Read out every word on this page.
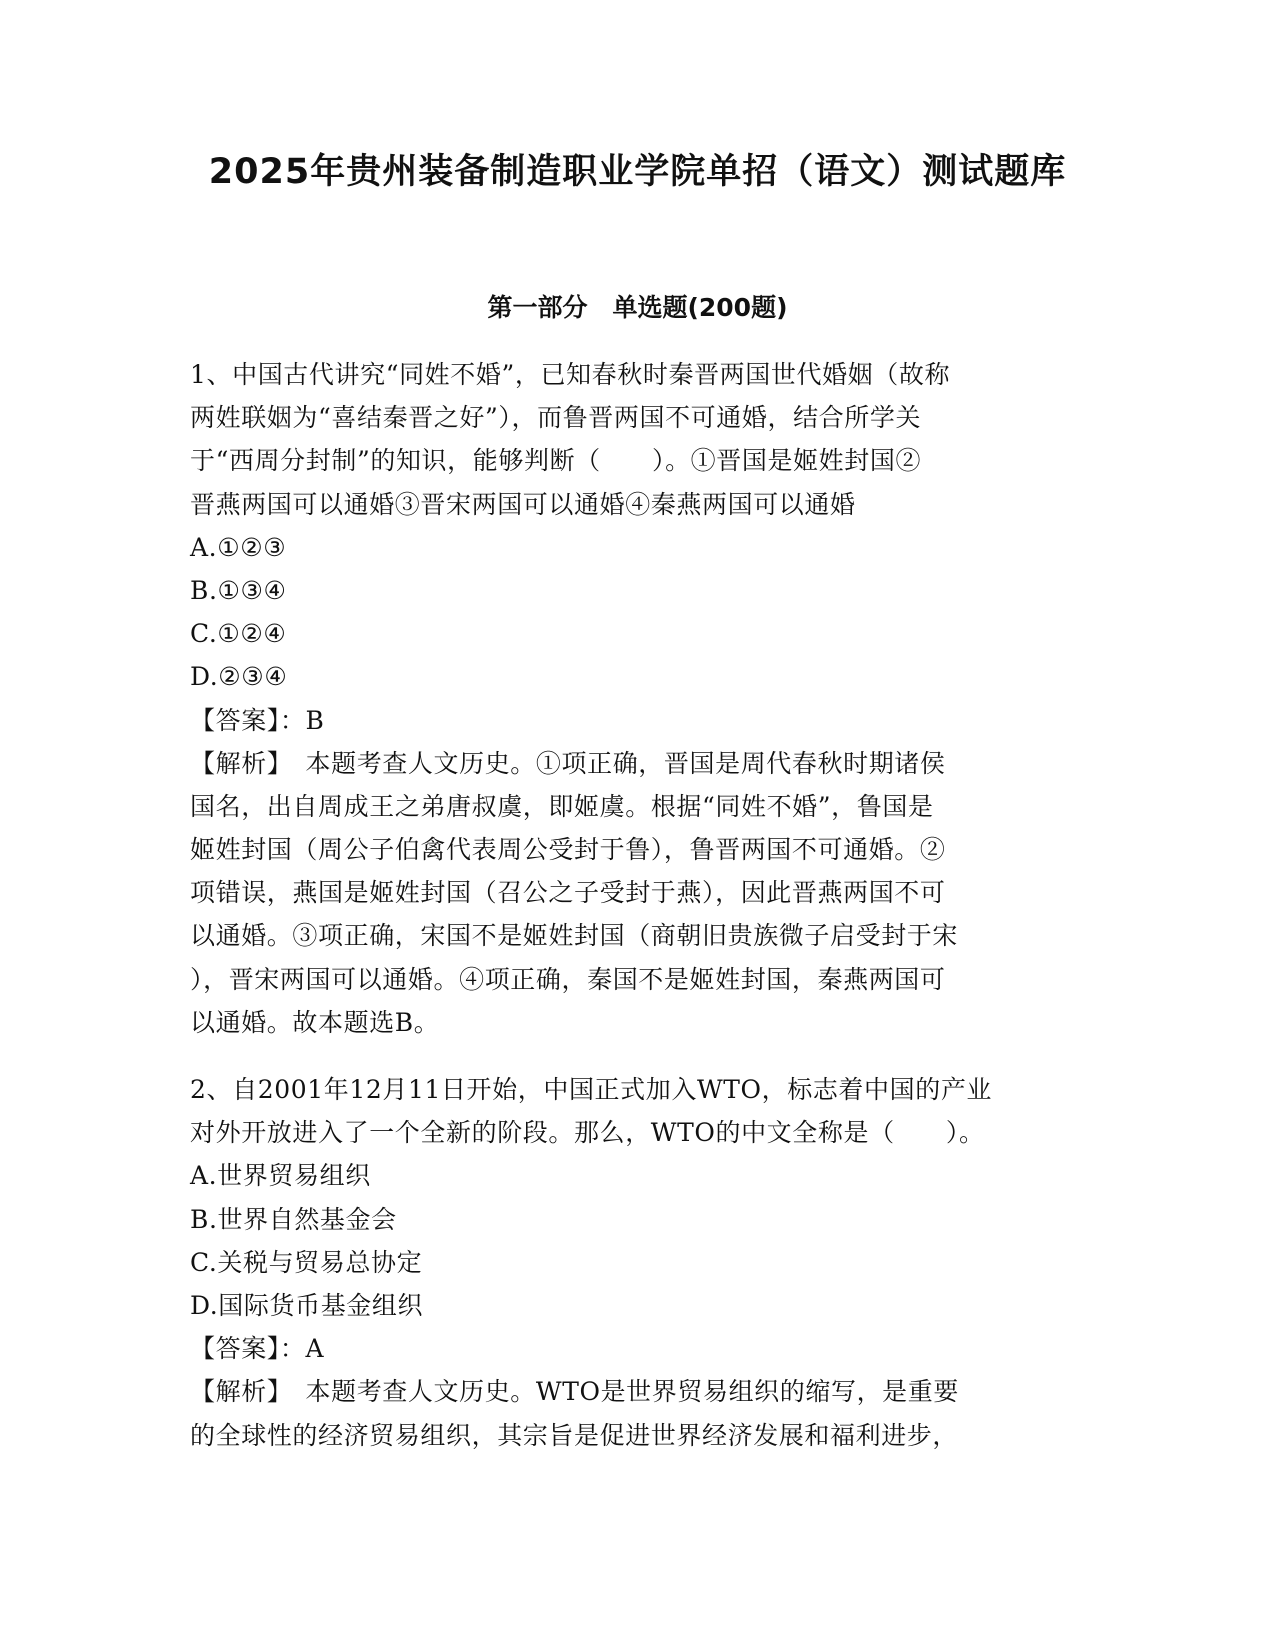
2025年贵州装备制造职业学院单招（语文）测试题库
第一部分　单选题(200题)
1、中国古代讲究“同姓不婚”，已知春秋时秦晋两国世代婚姻（故称
两姓联姻为“喜结秦晋之好”），而鲁晋两国不可通婚，结合所学关
于“西周分封制”的知识，能够判断（　　）。①晋国是姬姓封国②
晋燕两国可以通婚③晋宋两国可以通婚④秦燕两国可以通婚
A.①②③
B.①③④
C.①②④
D.②③④
【答案】：B
【解析】　本题考查人文历史。①项正确，晋国是周代春秋时期诸侯
国名，出自周成王之弟唐叔虞，即姬虞。根据“同姓不婚”，鲁国是
姬姓封国（周公子伯禽代表周公受封于鲁），鲁晋两国不可通婚。②
项错误，燕国是姬姓封国（召公之子受封于燕），因此晋燕两国不可
以通婚。③项正确，宋国不是姬姓封国（商朝旧贵族微子启受封于宋
），晋宋两国可以通婚。④项正确，秦国不是姬姓封国，秦燕两国可
以通婚。故本题选B。
2、自2001年12月11日开始，中国正式加入WTO，标志着中国的产业
对外开放进入了一个全新的阶段。那么，WTO的中文全称是（　　）。
A.世界贸易组织
B.世界自然基金会
C.关税与贸易总协定
D.国际货币基金组织
【答案】：A
【解析】　本题考查人文历史。WTO是世界贸易组织的缩写，是重要
的全球性的经济贸易组织，其宗旨是促进世界经济发展和福利进步，
